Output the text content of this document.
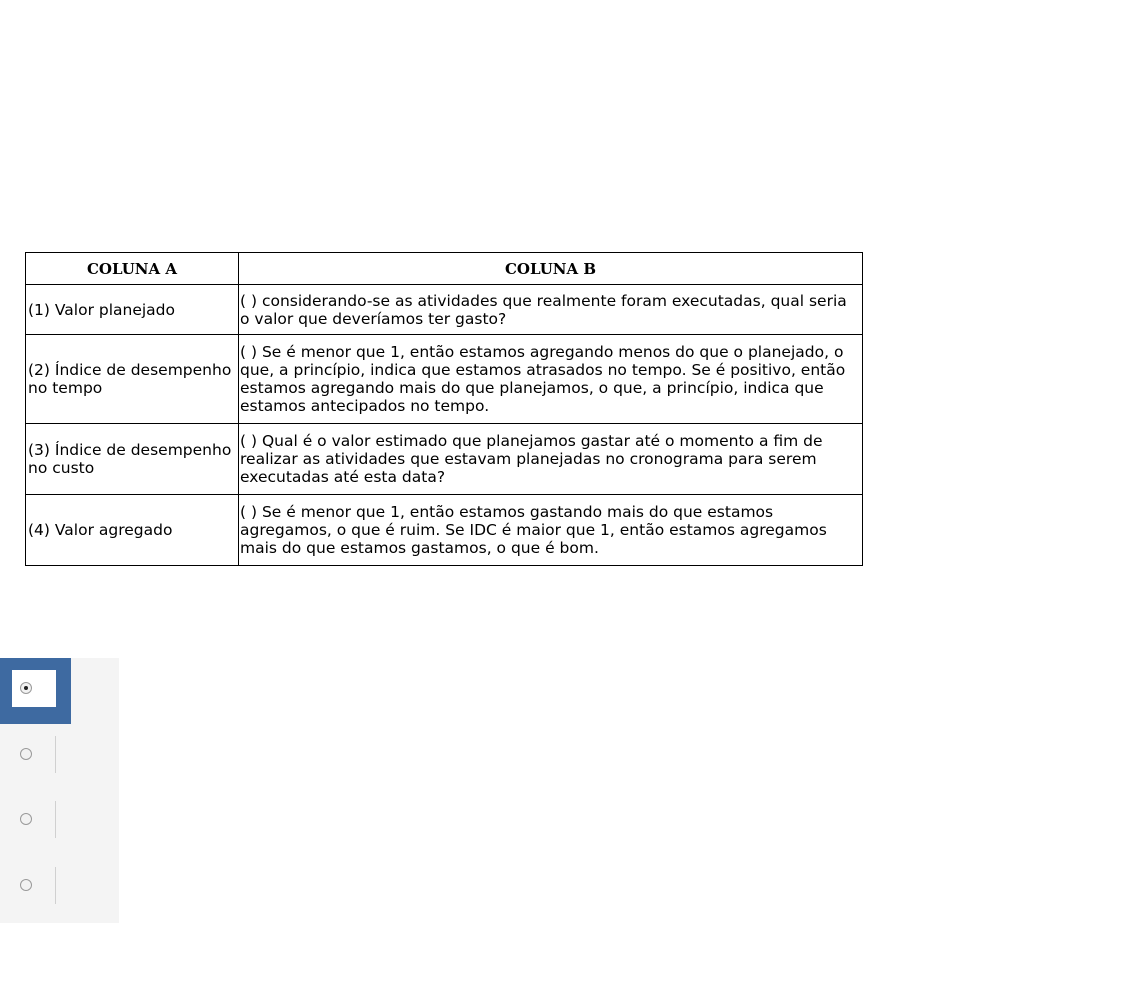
COLUNA A	COLUNA B
(1) Valor planejado	( ) considerando-se as atividades que realmente foram executadas, qual seria o valor que deveríamos ter gasto?
(2) Índice de desempenho no tempo	( ) Se é menor que 1, então estamos agregando menos do que o planejado, o que, a princípio, indica que estamos atrasados no tempo. Se é positivo, então estamos agregando mais do que planejamos, o que, a princípio, indica que estamos antecipados no tempo.
(3) Índice de desempenho no custo	( ) Qual é o valor estimado que planejamos gastar até o momento a fim de realizar as atividades que estavam planejadas no cronograma para serem executadas até esta data?
(4) Valor agregado	( ) Se é menor que 1, então estamos gastando mais do que estamos agregamos, o que é ruim. Se IDC é maior que 1, então estamos agregamos mais do que estamos gastamos, o que é bom.
